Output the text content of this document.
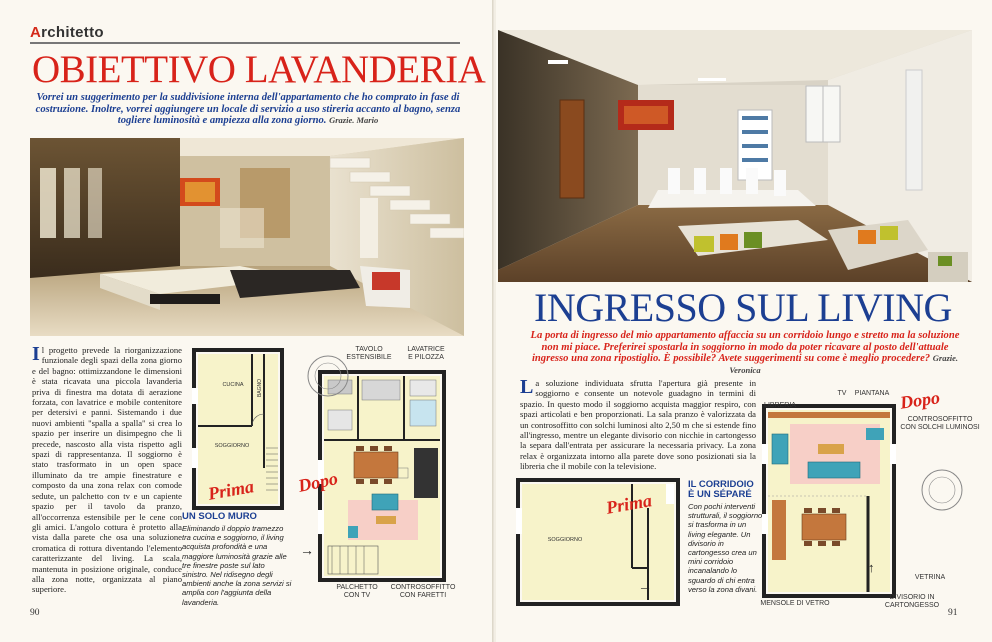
Architetto
OBIETTIVO LAVANDERIA
Vorrei un suggerimento per la suddivisione interna dell'appartamento che ho comprato in fase di costruzione. Inoltre, vorrei aggiungere un locale di servizio a uso stireria accanto al bagno, senza togliere luminosità e ampiezza alla zona giorno. Grazie. Mario
Il progetto prevede la riorganizzazione funzionale degli spazi della zona giorno e del bagno: ottimizzandone le dimensioni è stata ricavata una piccola lavanderia priva di finestra ma dotata di aerazione forzata, con lavatrice e mobile contenitore per detersivi e panni. Sistemando i due nuovi ambienti "spalla a spalla" si crea lo spazio per inserire un disimpegno che li precede, nascosto alla vista rispetto agli spazi di rappresentanza. Il soggiorno è stato trasformato in un open space illuminato da tre ampie finestrature e composto da una zona relax con comode sedute, un palchetto con tv e un capiente spazio per il tavolo da pranzo, all'occorrenza estensibile per le cene con gli amici. L'angolo cottura è protetto alla vista dalla parete che osa una soluzione cromatica di rottura diventando l'elemento caratterizzante del living. La scala, mantenuta in posizione originale, conduce alla zona notte, organizzata al piano superiore.
CUCINA	BAGNO
SOGGIORNO
Prima
UN SOLO MURO
Eliminando il doppio tramezzo tra cucina e soggiorno, il living acquista profondità e una maggiore luminosità grazie alle tre finestre poste sul lato sinistro. Nel ridisegno degli ambienti anche la zona servizi si amplia con l'aggiunta della lavanderia.
TAVOLO
ESTENSIBILE
LAVATRICE
E PILOZZA
Dopo
→
PALCHETTO
CON TV
CONTROSOFFITTO
CON FARETTI
90
INGRESSO SUL LIVING
La porta di ingresso del mio appartamento affaccia su un corridoio lungo e stretto ma la soluzione non mi piace. Preferirei spostarla in soggiorno in modo da poter ricavare al posto dell'attuale ingresso una zona ripostiglio. È possibile? Avete suggerimenti su come è meglio procedere? Grazie. Veronica
La soluzione individuata sfrutta l'apertura già presente in soggiorno e consente un notevole guadagno in termini di spazio. In questo modo il soggiorno acquista maggior respiro, con spazi articolati e ben proporzionati. La sala pranzo è valorizzata da un controsoffitto con solchi luminosi alto 2,50 m che si estende fino all'ingresso, mentre un elegante divisorio con nicchie in cartongesso la separa dall'entrata per assicurare la necessaria privacy. La zona relax è organizzata intorno alla parete dove sono posizionati sia la libreria che il mobile con la televisione.
SOGGIORNO
Prima
→
IL CORRIDOIO
È UN SÉPARÉ
Con pochi interventi strutturali, il soggiorno si trasforma in un living elegante. Un divisorio in cartongesso crea un mini corridoio incanalando lo sguardo di chi entra verso la zona divani.
Dopo
TV	PIANTANA
LIBRERIA
CONTROSOFFITTO
CON SOLCHI LUMINOSI
VETRINA
↑
MENSOLE DI VETRO
DIVISORIO IN
CARTONGESSO
91
